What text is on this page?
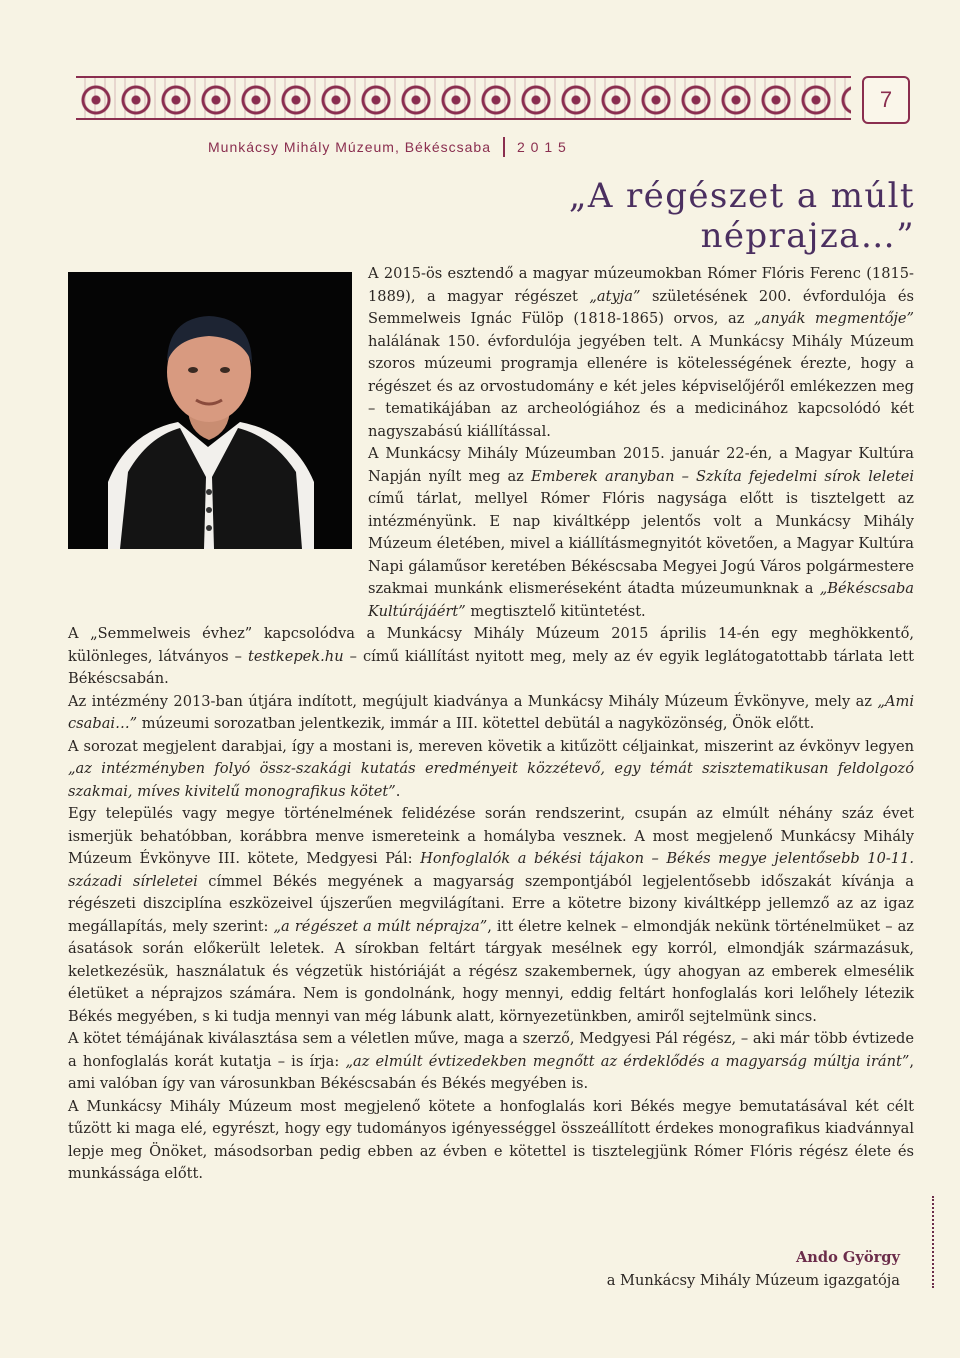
7
Munkácsy Mihály Múzeum, Békéscsaba 2 0 1 5
„A régészet a múlt néprajza…”

A 2015-ös esztendő a magyar múzeumokban Rómer Flóris Ferenc (1815-1889), a magyar régészet „atyja” születésének 200. évfordulója és Semmelweis Ignác Fülöp (1818-1865) orvos, az „anyák megmentője” halálának 150. évfordulója jegyében telt. A Munkácsy Mihály Múzeum szoros múzeumi programja ellenére is kötelességének érezte, hogy a régészet és az orvostudomány e két jeles képviselőjéről emlékezzen meg – tematikájában az archeológiához és a medicinához kapcsolódó két nagyszabású kiállítással.

A Munkácsy Mihály Múzeumban 2015. január 22-én, a Magyar Kultúra Napján nyílt meg az Emberek aranyban – Szkíta fejedelmi sírok leletei című tárlat, mellyel Rómer Flóris nagysága előtt is tisztelgett az intézményünk. E nap kiváltképp jelentős volt a Munkácsy Mihály Múzeum életében, mivel a kiállításmegnyitót követően, a Magyar Kultúra Napi gálaműsor keretében Békéscsaba Megyei Jogú Város polgármestere szakmai munkánk elismeréseként átadta múzeumunknak a „Békéscsaba Kultúrájáért” megtisztelő kitüntetést.

A „Semmelweis évhez” kapcsolódva a Munkácsy Mihály Múzeum 2015 április 14-én egy meghökkentő, különleges, látványos – testkepek.hu – című kiállítást nyitott meg, mely az év egyik leglátogatottabb tárlata lett Békéscsabán.

Az intézmény 2013-ban útjára indított, megújult kiadványa a Munkácsy Mihály Múzeum Évkönyve, mely az „Ami csabai…” múzeumi sorozatban jelentkezik, immár a III. kötettel debütál a nagyközönség, Önök előtt.

A sorozat megjelent darabjai, így a mostani is, mereven követik a kitűzött céljainkat, miszerint az évkönyv legyen „az intézményben folyó össz-szakági kutatás eredményeit közzétevő, egy témát szisztematikusan feldolgozó szakmai, míves kivitelű monografikus kötet”.

Egy település vagy megye történelmének felidézése során rendszerint, csupán az elmúlt néhány száz évet ismerjük behatóbban, korábbra menve ismereteink a homályba vesznek. A most megjelenő Munkácsy Mihály Múzeum Évkönyve III. kötete, Medgyesi Pál: Honfoglalók a békési tájakon – Békés megye jelentősebb 10-11. századi sírleletei címmel Békés megyének a magyarság szempontjából legjelentősebb időszakát kívánja a régészeti diszciplína eszközeivel újszerűen megvilágítani. Erre a kötetre bizony kiváltképp jellemző az az igaz megállapítás, mely szerint: „a régészet a múlt néprajza”, itt életre kelnek – elmondják nekünk történelmüket – az ásatások során előkerült leletek. A sírokban feltárt tárgyak mesélnek egy korról, elmondják származásuk, keletkezésük, használatuk és végzetük históriáját a régész szakembernek, úgy ahogyan az emberek elmesélik életüket a néprajzos számára. Nem is gondolnánk, hogy mennyi, eddig feltárt honfoglalás kori lelőhely létezik Békés megyében, s ki tudja mennyi van még lábunk alatt, környezetünkben, amiről sejtelmünk sincs.

A kötet témájának kiválasztása sem a véletlen műve, maga a szerző, Medgyesi Pál régész, – aki már több évtizede a honfoglalás korát kutatja – is írja: „az elmúlt évtizedekben megnőtt az érdeklődés a magyarság múltja iránt”, ami valóban így van városunkban Békéscsabán és Békés megyében is.

A Munkácsy Mihály Múzeum most megjelenő kötete a honfoglalás kori Békés megye bemutatásával két célt tűzött ki maga elé, egyrészt, hogy egy tudományos igényességgel összeállított érdekes monografikus kiadvánnyal lepje meg Önöket, másodsorban pedig ebben az évben e kötettel is tisztelegjünk Rómer Flóris régész élete és munkássága előtt.

Ando György
a Munkácsy Mihály Múzeum igazgatója
